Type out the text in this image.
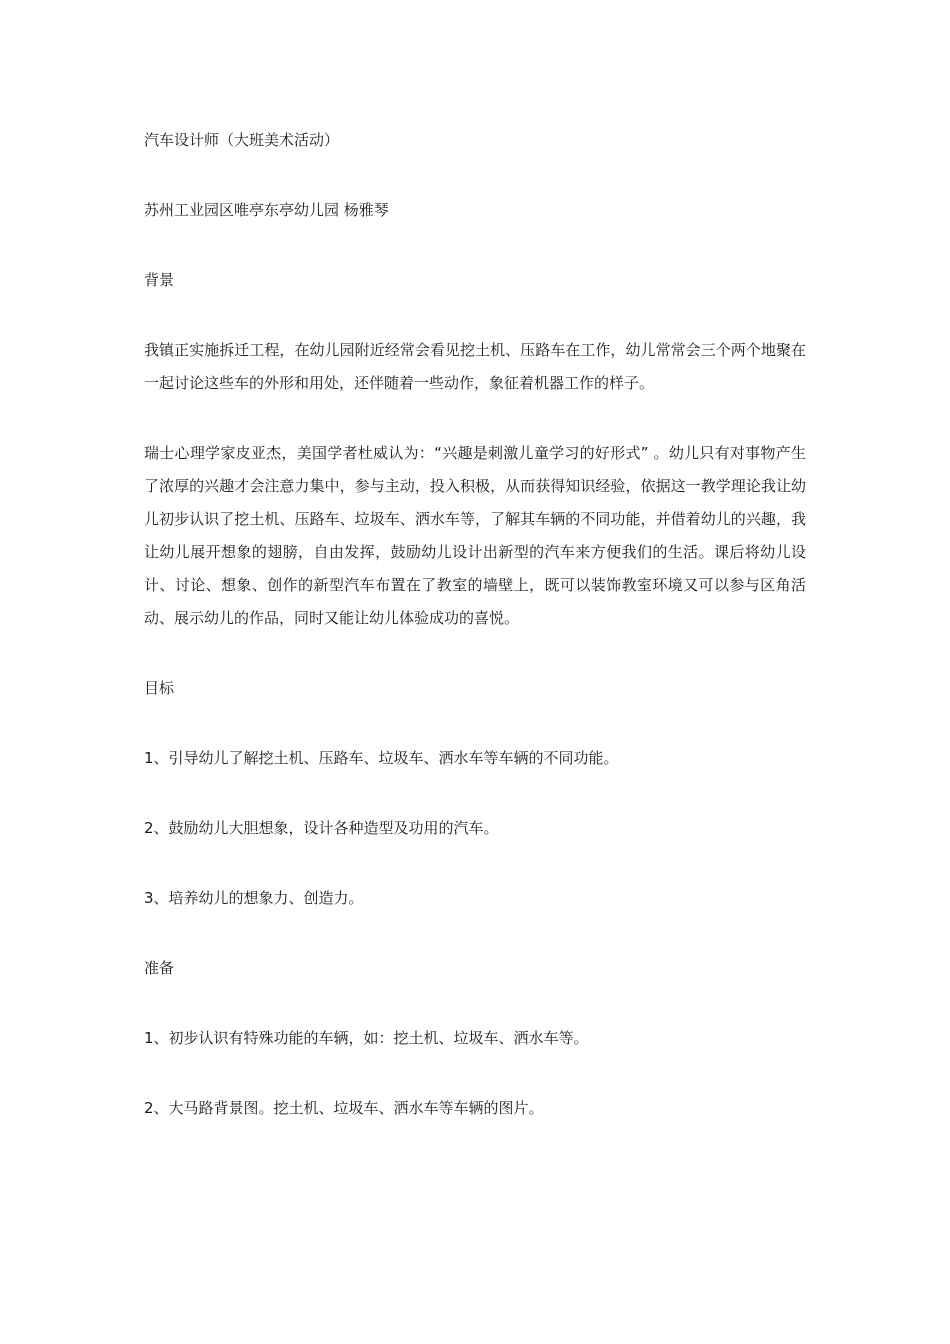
汽车设计师（大班美术活动）

苏州工业园区唯亭东亭幼儿园 杨雅琴

背景

我镇正实施拆迁工程，在幼儿园附近经常会看见挖土机、压路车在工作，幼儿常常会三个两个地聚在一起讨论这些车的外形和用处，还伴随着一些动作，象征着机器工作的样子。

瑞士心理学家皮亚杰，美国学者杜威认为：“兴趣是刺激儿童学习的好形式” 。幼儿只有对事物产生了浓厚的兴趣才会注意力集中，参与主动，投入积极，从而获得知识经验，依据这一教学理论我让幼儿初步认识了挖土机、压路车、垃圾车、洒水车等，了解其车辆的不同功能，并借着幼儿的兴趣，我让幼儿展开想象的翅膀，自由发挥，鼓励幼儿设计出新型的汽车来方便我们的生活。课后将幼儿设计、讨论、想象、创作的新型汽车布置在了教室的墙壁上，既可以装饰教室环境又可以参与区角活动、展示幼儿的作品，同时又能让幼儿体验成功的喜悦。

目标

1、引导幼儿了解挖土机、压路车、垃圾车、洒水车等车辆的不同功能。

2、鼓励幼儿大胆想象，设计各种造型及功用的汽车。

3、培养幼儿的想象力、创造力。

准备

1、初步认识有特殊功能的车辆，如：挖土机、垃圾车、洒水车等。

2、大马路背景图。挖土机、垃圾车、洒水车等车辆的图片。
